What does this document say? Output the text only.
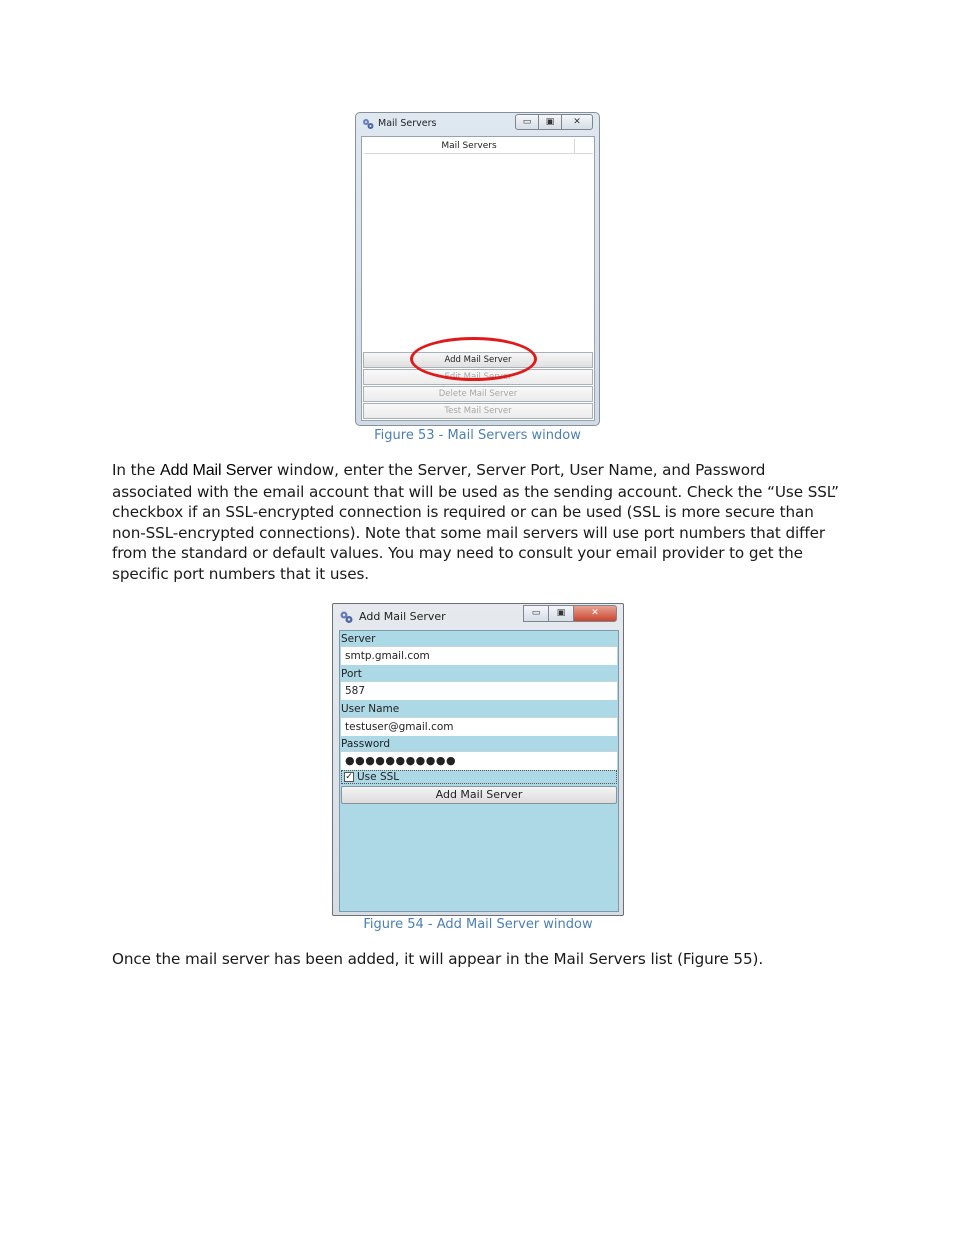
Mail Servers	▭	▣	✕
Mail Servers
Add Mail Server
Edit Mail Server
Delete Mail Server
Test Mail Server
Figure 53 - Mail Servers window
In the Add Mail Server window, enter the Server, Server Port, User Name, and Password associated with the email account that will be used as the sending account. Check the “Use SSL” checkbox if an SSL-encrypted connection is required or can be used (SSL is more secure than non-SSL-encrypted connections). Note that some mail servers will use port numbers that differ from the standard or default values. You may need to consult your email provider to get the specific port numbers that it uses.
Add Mail Server	▭	▣	✕
Server
smtp.gmail.com
Port
587
User Name
testuser@gmail.com
Password
●●●●●●●●●●●
✓ Use SSL
Add Mail Server
Figure 54 - Add Mail Server window
Once the mail server has been added, it will appear in the Mail Servers list (Figure 55).
